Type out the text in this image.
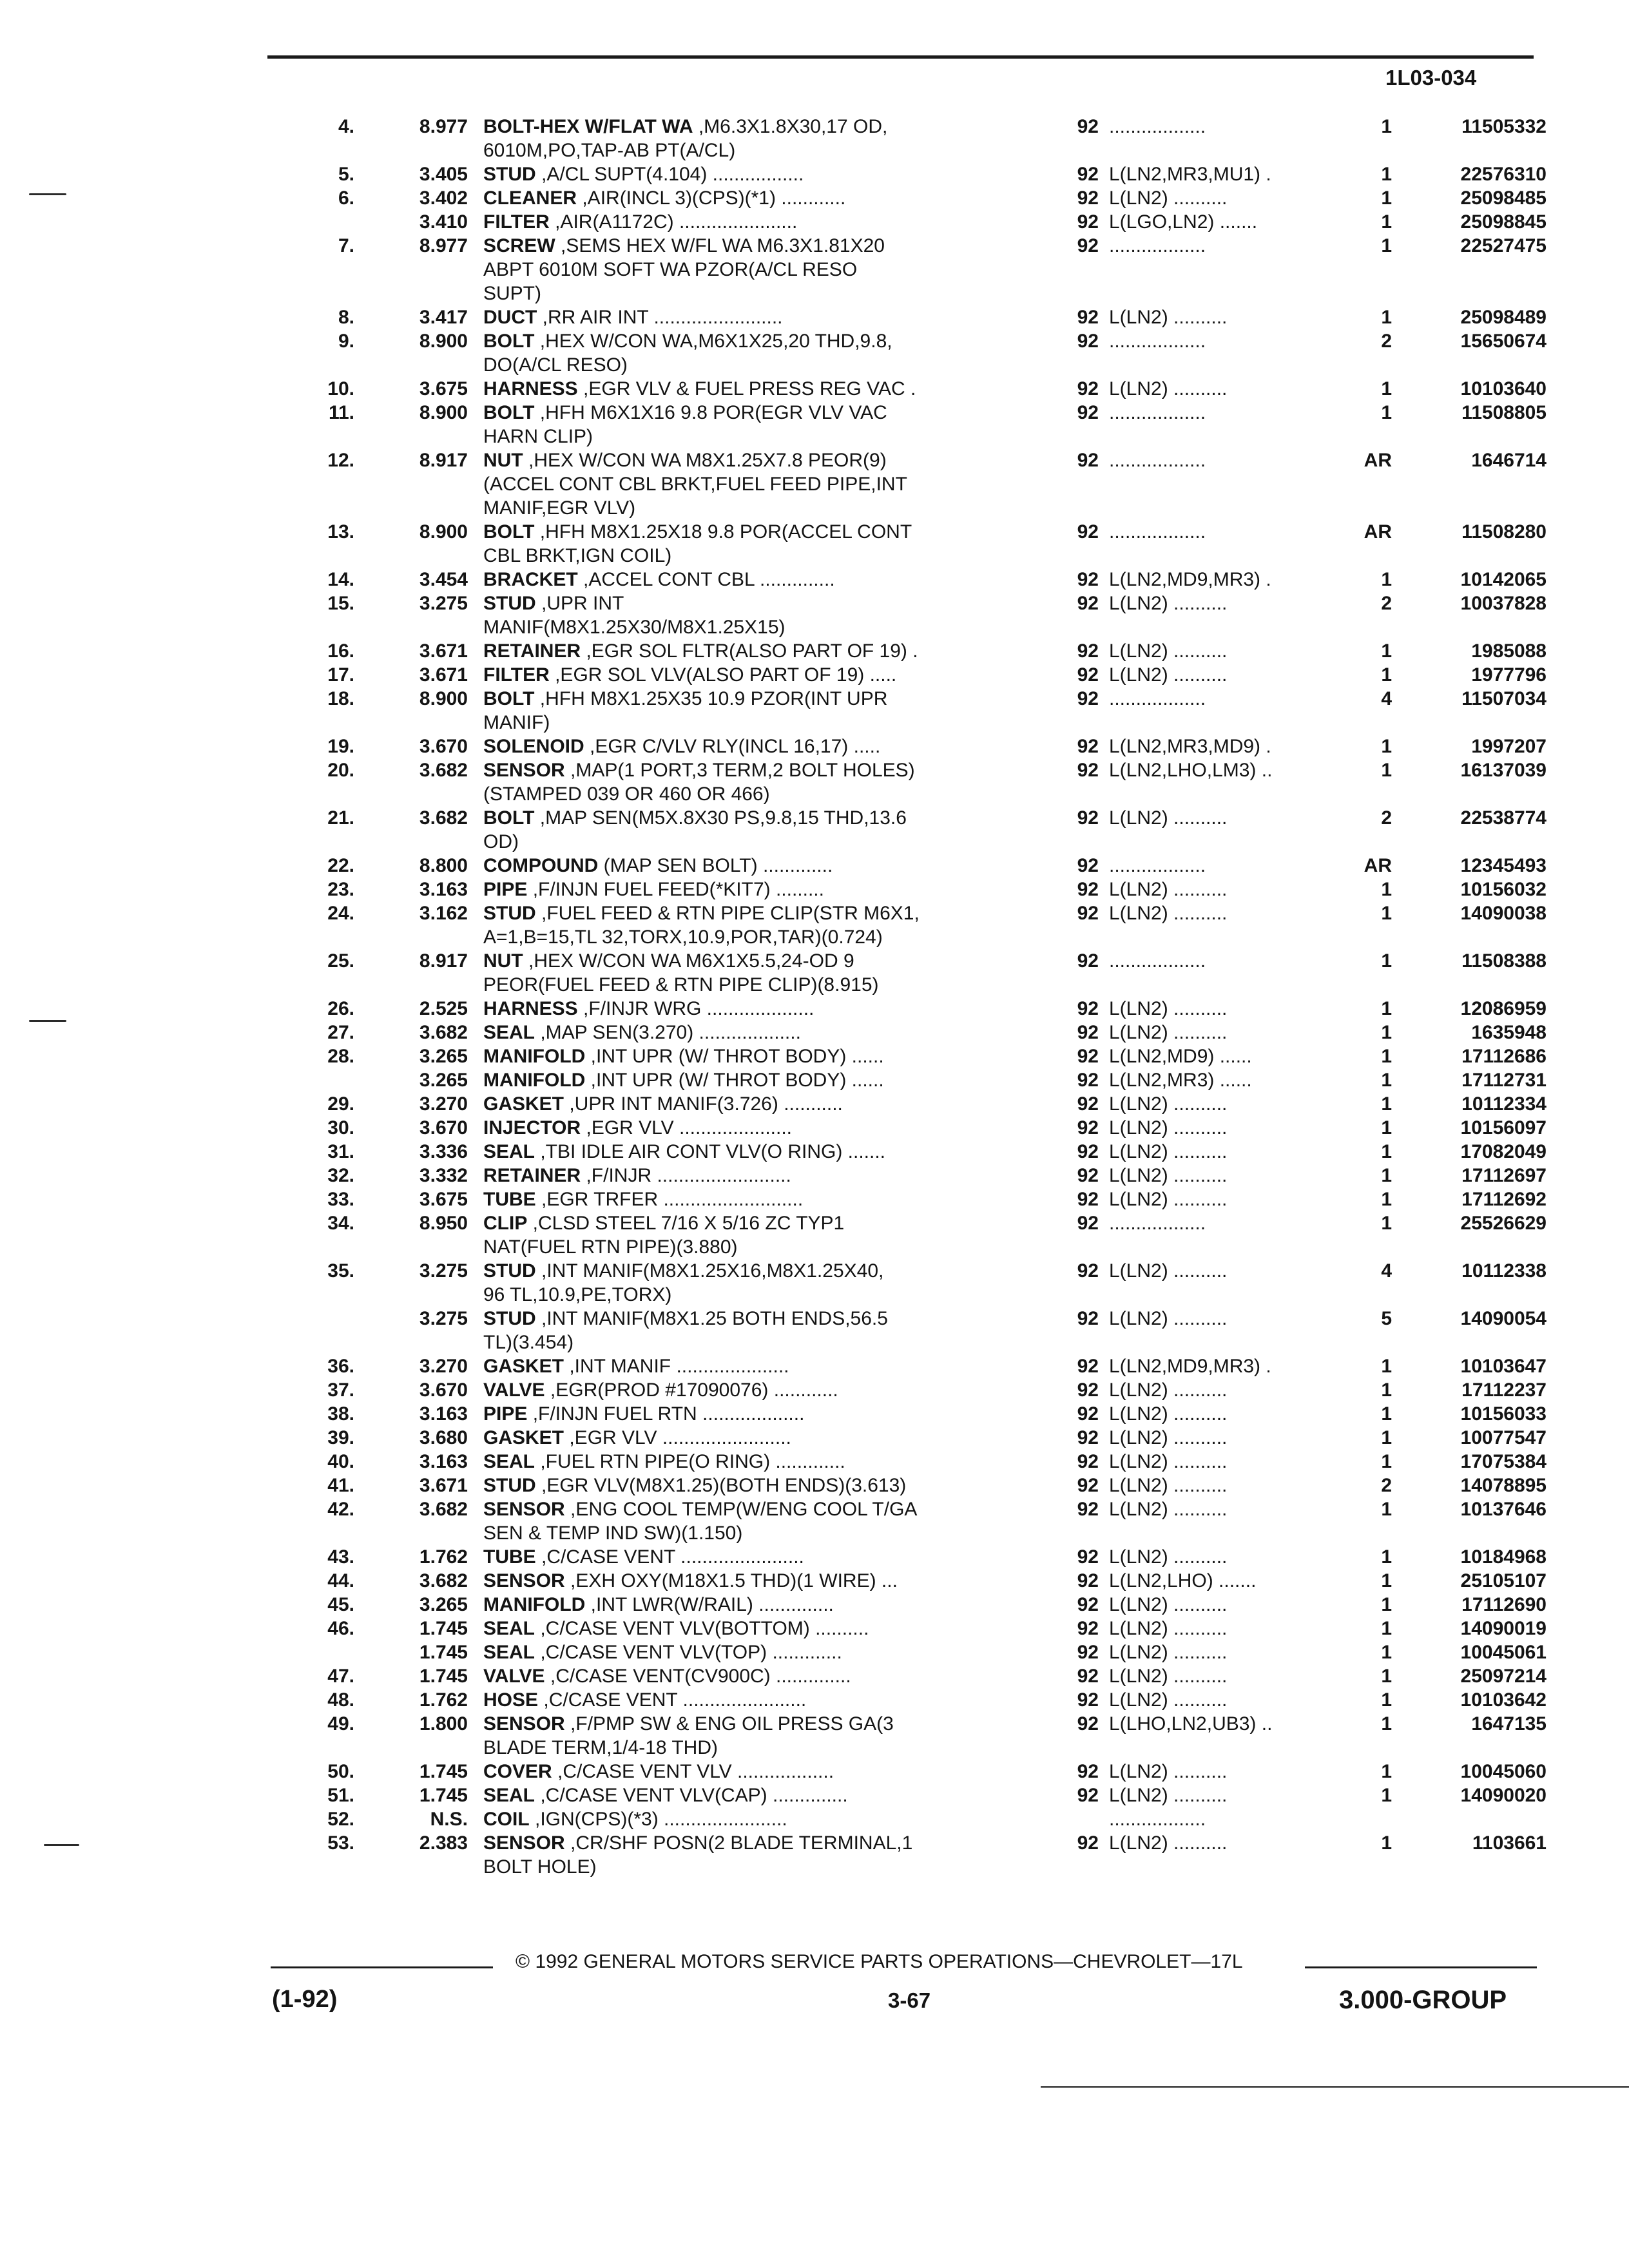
1L03-034
4.	8.977 BOLT-HEX W/FLAT WA ,M6.3X1.8X30,17 OD,
6010M,PO,TAP-AB PT(A/CL)
92 ..................	1	11505332
5.	3.405 STUD ,A/CL SUPT(4.104) .................	92 L(LN2,MR3,MU1) .	1	22576310
6.	3.402 CLEANER ,AIR(INCL 3)(CPS)(*1) ............	92 L(LN2) ..........	1	25098485
3.410 FILTER ,AIR(A1172C) ......................	92 L(LGO,LN2) .......	1	25098845
7.	8.977 SCREW ,SEMS HEX W/FL WA M6.3X1.81X20
ABPT 6010M SOFT WA PZOR(A/CL RESO
SUPT)
92 ..................	1	22527475
8.	3.417 DUCT ,RR AIR INT ........................	92 L(LN2) ..........	1	25098489
9.	8.900 BOLT ,HEX W/CON WA,M6X1X25,20 THD,9.8,
DO(A/CL RESO)
92 ..................	2	15650674
10.	3.675 HARNESS ,EGR VLV & FUEL PRESS REG VAC .	92 L(LN2) ..........	1	10103640
11.	8.900 BOLT ,HFH M6X1X16 9.8 POR(EGR VLV VAC
HARN CLIP)
92 ..................	1	11508805
12.	8.917 NUT ,HEX W/CON WA M8X1.25X7.8 PEOR(9)
(ACCEL CONT CBL BRKT,FUEL FEED PIPE,INT
MANIF,EGR VLV)
92 ..................	AR	1646714
13.	8.900 BOLT ,HFH M8X1.25X18 9.8 POR(ACCEL CONT
CBL BRKT,IGN COIL)
92 ..................	AR	11508280
14.	3.454 BRACKET ,ACCEL CONT CBL ..............	92 L(LN2,MD9,MR3) .	1	10142065
15.	3.275 STUD ,UPR INT
MANIF(M8X1.25X30/M8X1.25X15)
92 L(LN2) ..........	2	10037828
16.	3.671 RETAINER ,EGR SOL FLTR(ALSO PART OF 19) .	92 L(LN2) ..........	1	1985088
17.	3.671 FILTER ,EGR SOL VLV(ALSO PART OF 19) .....	92 L(LN2) ..........	1	1977796
18.	8.900 BOLT ,HFH M8X1.25X35 10.9 PZOR(INT UPR
MANIF)
92 ..................	4	11507034
19.	3.670 SOLENOID ,EGR C/VLV RLY(INCL 16,17) .....	92 L(LN2,MR3,MD9) .	1	1997207
20.	3.682 SENSOR ,MAP(1 PORT,3 TERM,2 BOLT HOLES)
(STAMPED 039 OR 460 OR 466)
92 L(LN2,LHO,LM3) ..	1	16137039
21.	3.682 BOLT ,MAP SEN(M5X.8X30 PS,9.8,15 THD,13.6
OD)
92 L(LN2) ..........	2	22538774
22.	8.800 COMPOUND (MAP SEN BOLT) .............	92 ..................	AR	12345493
23.	3.163 PIPE ,F/INJN FUEL FEED(*KIT7) .........	92 L(LN2) ..........	1	10156032
24.	3.162 STUD ,FUEL FEED & RTN PIPE CLIP(STR M6X1,
A=1,B=15,TL 32,TORX,10.9,POR,TAR)(0.724)
92 L(LN2) ..........	1	14090038
25.	8.917 NUT ,HEX W/CON WA M6X1X5.5,24-OD 9
PEOR(FUEL FEED & RTN PIPE CLIP)(8.915)
92 ..................	1	11508388
26.	2.525 HARNESS ,F/INJR WRG ....................	92 L(LN2) ..........	1	12086959
27.	3.682 SEAL ,MAP SEN(3.270) ...................	92 L(LN2) ..........	1	1635948
28.	3.265 MANIFOLD ,INT UPR (W/ THROT BODY) ......	92 L(LN2,MD9) ......	1	17112686
3.265 MANIFOLD ,INT UPR (W/ THROT BODY) ......	92 L(LN2,MR3) ......	1	17112731
29.	3.270 GASKET ,UPR INT MANIF(3.726) ...........	92 L(LN2) ..........	1	10112334
30.	3.670 INJECTOR ,EGR VLV .....................	92 L(LN2) ..........	1	10156097
31.	3.336 SEAL ,TBI IDLE AIR CONT VLV(O RING) .......	92 L(LN2) ..........	1	17082049
32.	3.332 RETAINER ,F/INJR .........................	92 L(LN2) ..........	1	17112697
33.	3.675 TUBE ,EGR TRFER ..........................	92 L(LN2) ..........	1	17112692
34.	8.950 CLIP ,CLSD STEEL 7/16 X 5/16 ZC TYP1
NAT(FUEL RTN PIPE)(3.880)
92 ..................	1	25526629
35.	3.275 STUD ,INT MANIF(M8X1.25X16,M8X1.25X40,
96 TL,10.9,PE,TORX)
92 L(LN2) ..........	4	10112338
3.275 STUD ,INT MANIF(M8X1.25 BOTH ENDS,56.5
TL)(3.454)
92 L(LN2) ..........	5	14090054
36.	3.270 GASKET ,INT MANIF .....................	92 L(LN2,MD9,MR3) .	1	10103647
37.	3.670 VALVE ,EGR(PROD #17090076) ............	92 L(LN2) ..........	1	17112237
38.	3.163 PIPE ,F/INJN FUEL RTN ...................	92 L(LN2) ..........	1	10156033
39.	3.680 GASKET ,EGR VLV ........................	92 L(LN2) ..........	1	10077547
40.	3.163 SEAL ,FUEL RTN PIPE(O RING) .............	92 L(LN2) ..........	1	17075384
41.	3.671 STUD ,EGR VLV(M8X1.25)(BOTH ENDS)(3.613)	92 L(LN2) ..........	2	14078895
42.	3.682 SENSOR ,ENG COOL TEMP(W/ENG COOL T/GA
SEN & TEMP IND SW)(1.150)
92 L(LN2) ..........	1	10137646
43.	1.762 TUBE ,C/CASE VENT .......................	92 L(LN2) ..........	1	10184968
44.	3.682 SENSOR ,EXH OXY(M18X1.5 THD)(1 WIRE) ...	92 L(LN2,LHO) .......	1	25105107
45.	3.265 MANIFOLD ,INT LWR(W/RAIL) ..............	92 L(LN2) ..........	1	17112690
46.	1.745 SEAL ,C/CASE VENT VLV(BOTTOM) ..........	92 L(LN2) ..........	1	14090019
1.745 SEAL ,C/CASE VENT VLV(TOP) .............	92 L(LN2) ..........	1	10045061
47.	1.745 VALVE ,C/CASE VENT(CV900C) ..............	92 L(LN2) ..........	1	25097214
48.	1.762 HOSE ,C/CASE VENT .......................	92 L(LN2) ..........	1	10103642
49.	1.800 SENSOR ,F/PMP SW & ENG OIL PRESS GA(3
BLADE TERM,1/4-18 THD)
92 L(LHO,LN2,UB3) ..	1	1647135
50.	1.745 COVER ,C/CASE VENT VLV ..................	92 L(LN2) ..........	1	10045060
51.	1.745 SEAL ,C/CASE VENT VLV(CAP) ..............	92 L(LN2) ..........	1	14090020
52.	N.S. COIL ,IGN(CPS)(*3) .......................	..................
53.	2.383 SENSOR ,CR/SHF POSN(2 BLADE TERMINAL,1
BOLT HOLE)
92 L(LN2) ..........	1	1103661
© 1992 GENERAL MOTORS SERVICE PARTS OPERATIONS—CHEVROLET—17L
(1-92)	3-67	3.000-GROUP
